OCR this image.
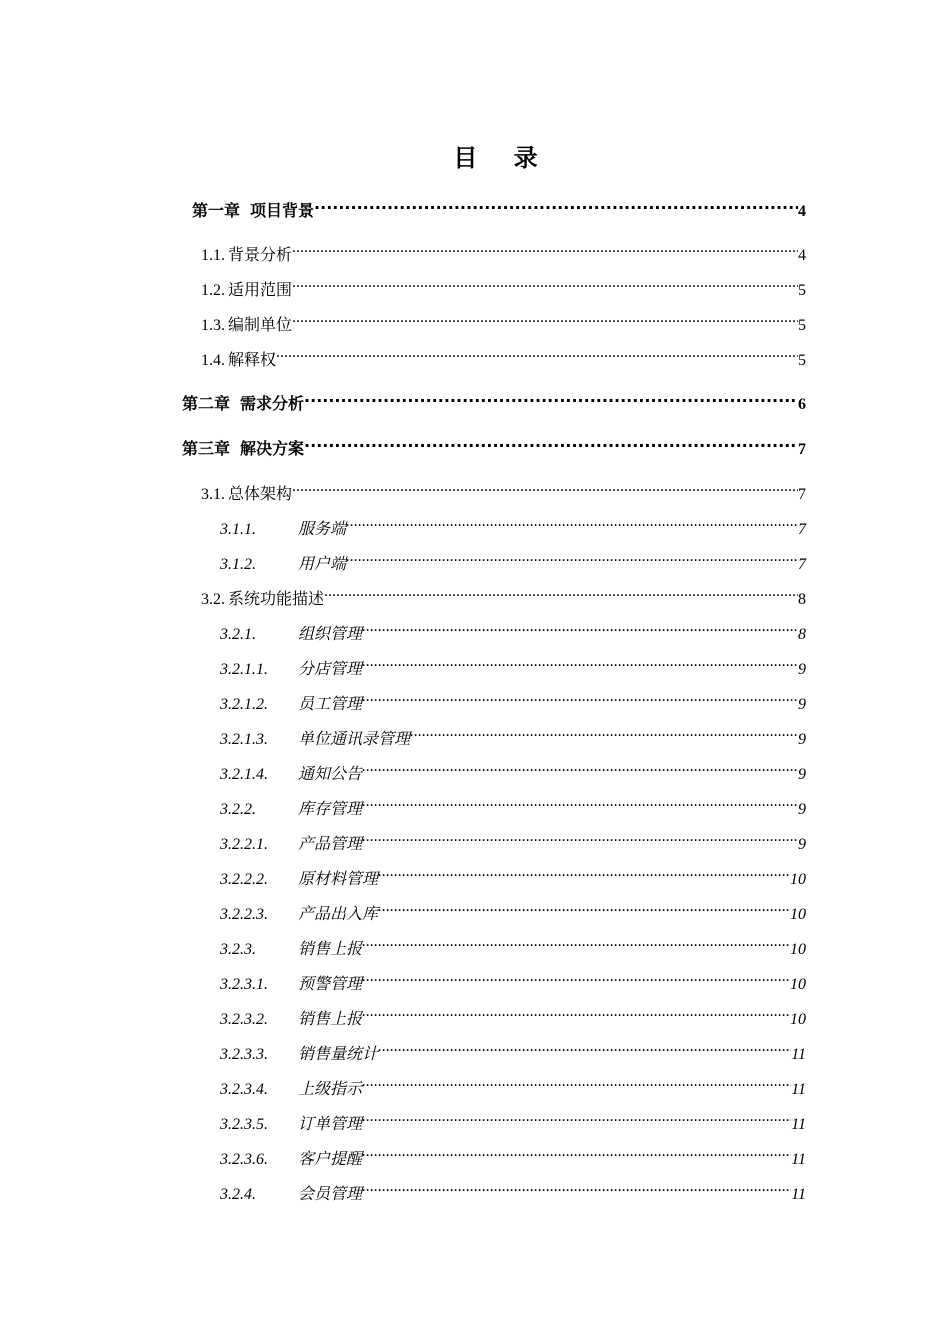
目 录
第一章 项目背景 .....	4
1.1. 背景分析 .....	4
1.2. 适用范围 .....	5
1.3. 编制单位 .....	5
1.4. 解释权 .....	5
第二章 需求分析 .....	6
第三章 解决方案 .....	7
3.1. 总体架构 .....	7
3.1.1.	服务端 .....	7
3.1.2.	用户端 .....	7
3.2. 系统功能描述 .....	8
3.2.1.	组织管理 .....	8
3.2.1.1.	分店管理 .....	9
3.2.1.2.	员工管理 .....	9
3.2.1.3.	单位通讯录管理 .....	9
3.2.1.4.	通知公告 .....	9
3.2.2.	库存管理 .....	9
3.2.2.1.	产品管理 .....	9
3.2.2.2.	原材料管理 .....	10
3.2.2.3.	产品出入库 .....	10
3.2.3.	销售上报 .....	10
3.2.3.1.	预警管理 .....	10
3.2.3.2.	销售上报 .....	10
3.2.3.3.	销售量统计 .....	11
3.2.3.4.	上级指示 .....	11
3.2.3.5.	订单管理 .....	11
3.2.3.6.	客户提醒 .....	11
3.2.4.	会员管理 .....	11
